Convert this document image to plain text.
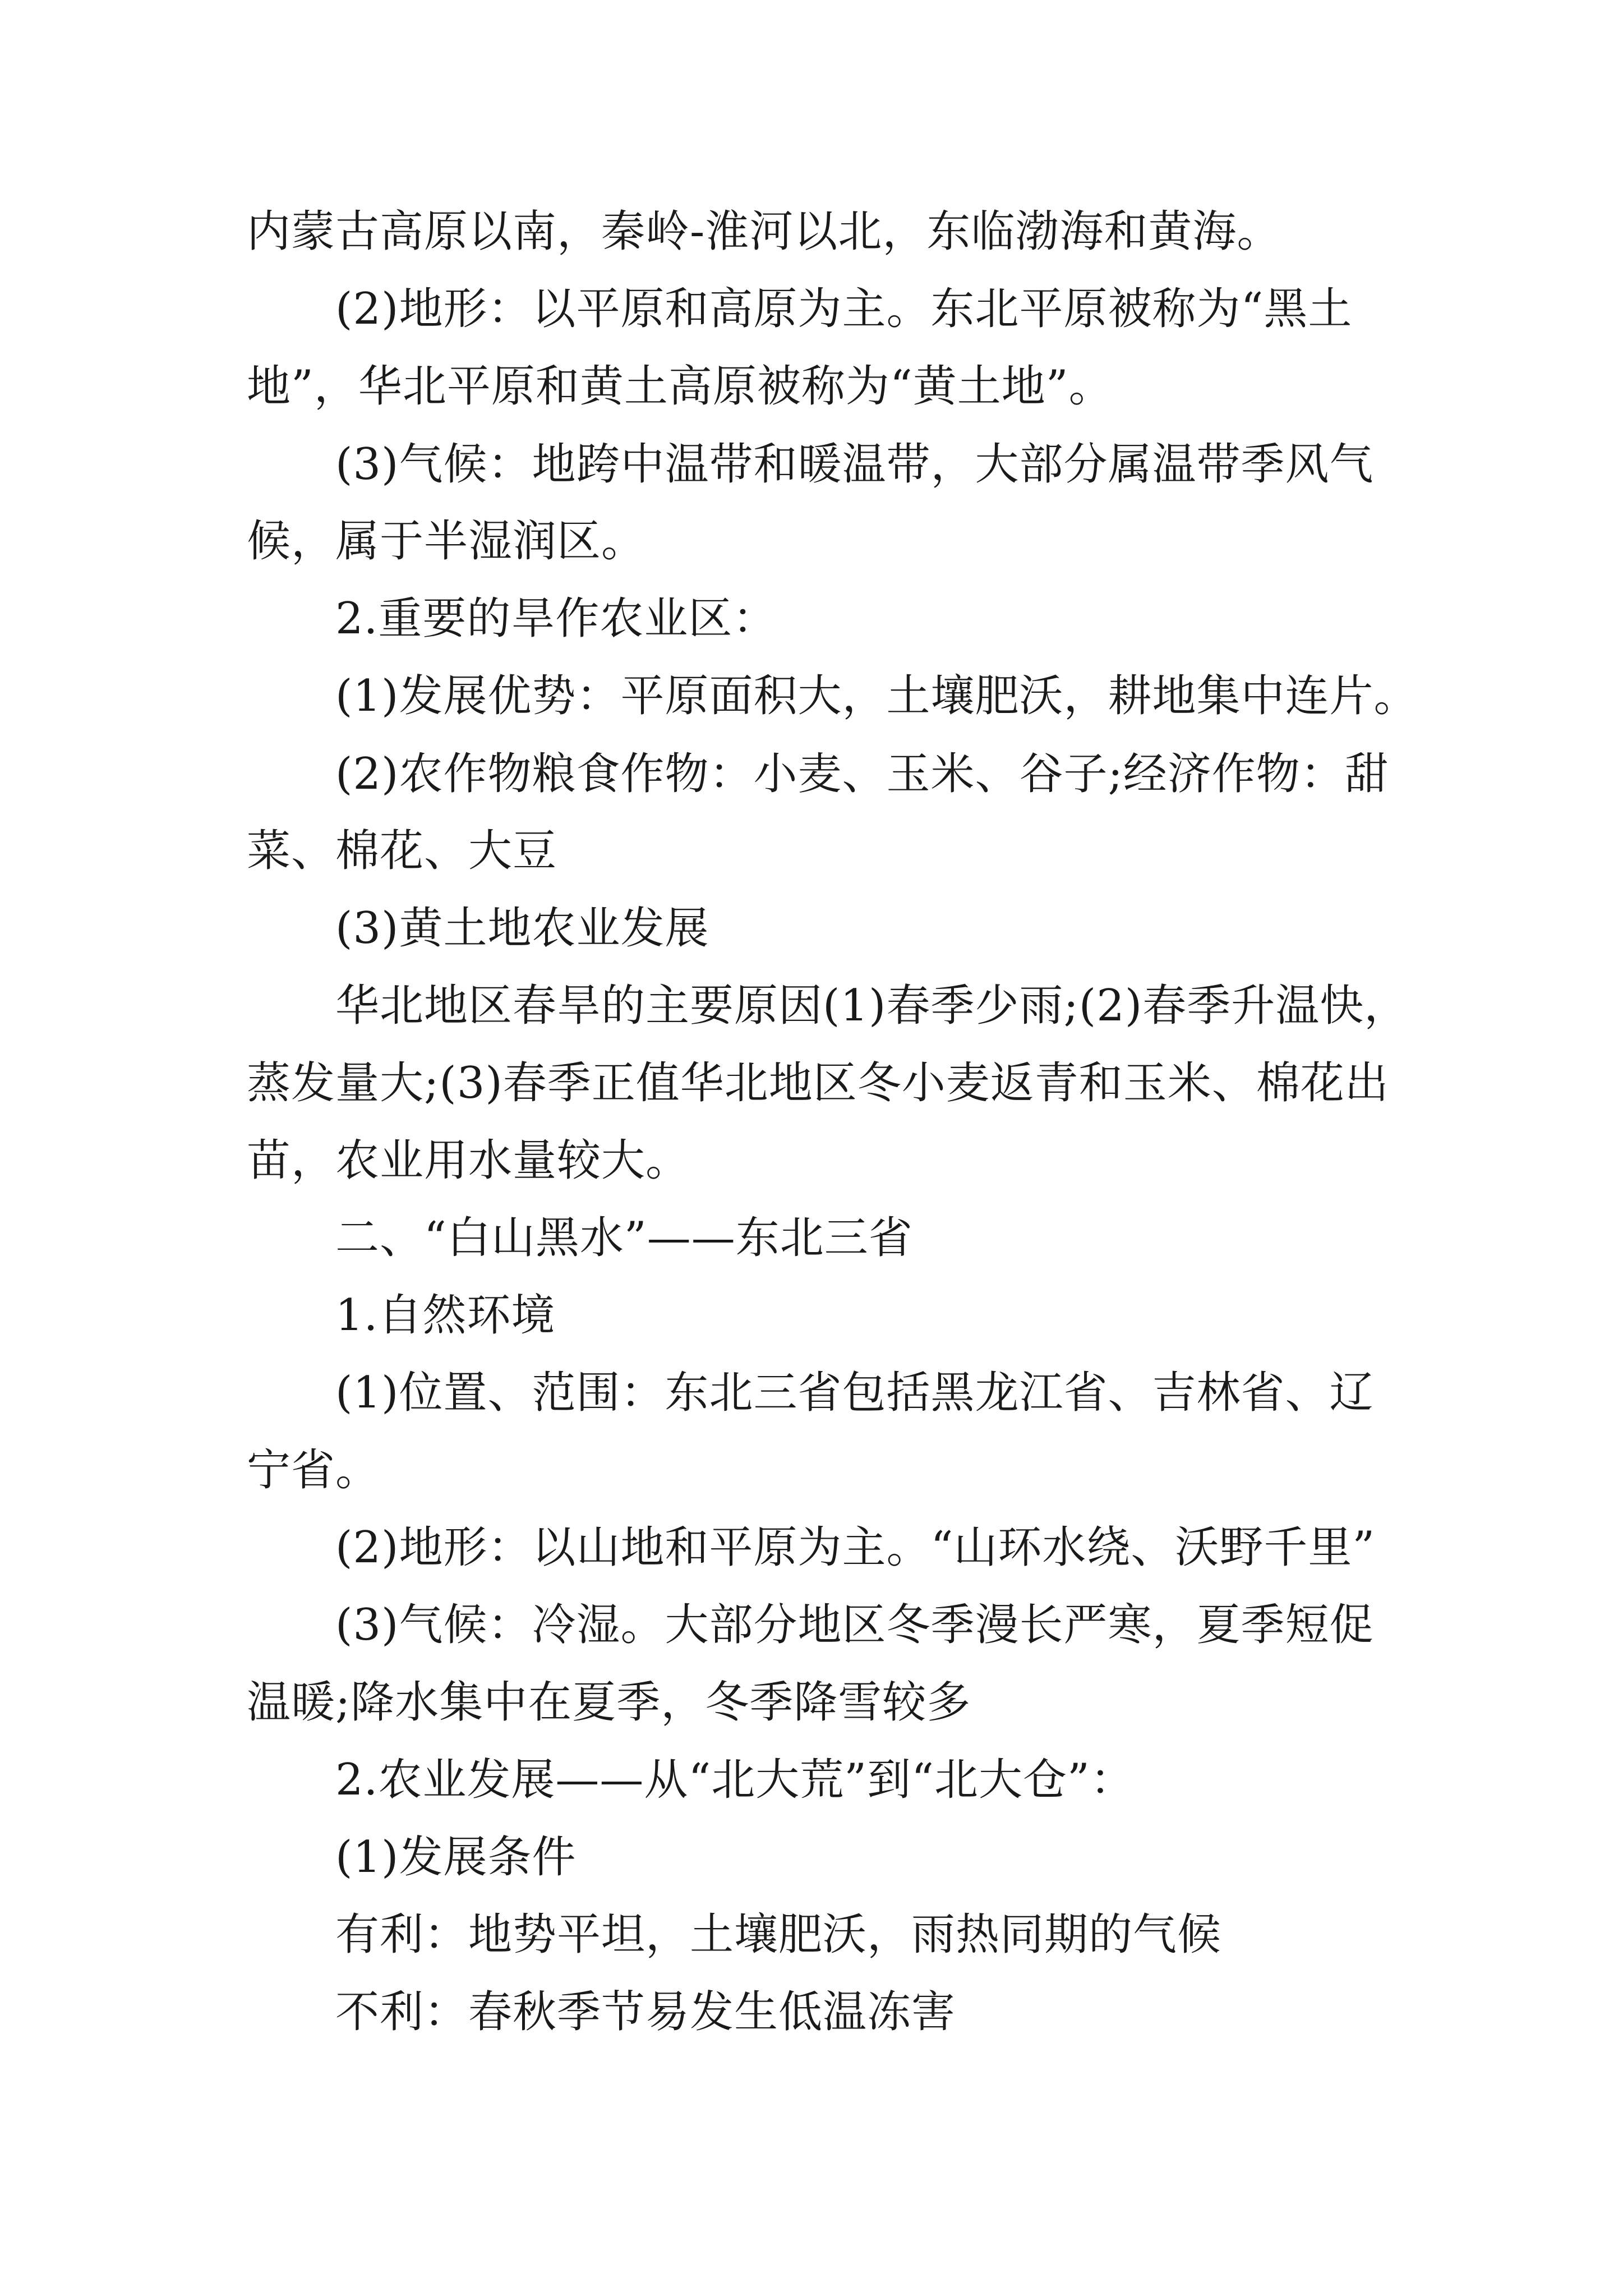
内蒙古高原以南，秦岭-淮河以北，东临渤海和黄海。
(2)地形：以平原和高原为主。东北平原被称为“黑土
地”，华北平原和黄土高原被称为“黄土地”。
(3)气候：地跨中温带和暖温带，大部分属温带季风气
候，属于半湿润区。
2.重要的旱作农业区：
(1)发展优势：平原面积大，土壤肥沃，耕地集中连片。
(2)农作物粮食作物：小麦、玉米、谷子;经济作物：甜
菜、棉花、大豆
(3)黄土地农业发展
华北地区春旱的主要原因(1)春季少雨;(2)春季升温快，
蒸发量大;(3)春季正值华北地区冬小麦返青和玉米、棉花出
苗，农业用水量较大。
二、“白山黑水”——东北三省
1.自然环境
(1)位置、范围：东北三省包括黑龙江省、吉林省、辽
宁省。
(2)地形：以山地和平原为主。“山环水绕、沃野千里”
(3)气候：冷湿。大部分地区冬季漫长严寒，夏季短促
温暖;降水集中在夏季，冬季降雪较多
2.农业发展——从“北大荒”到“北大仓”：
(1)发展条件
有利：地势平坦，土壤肥沃，雨热同期的气候
不利：春秋季节易发生低温冻害
